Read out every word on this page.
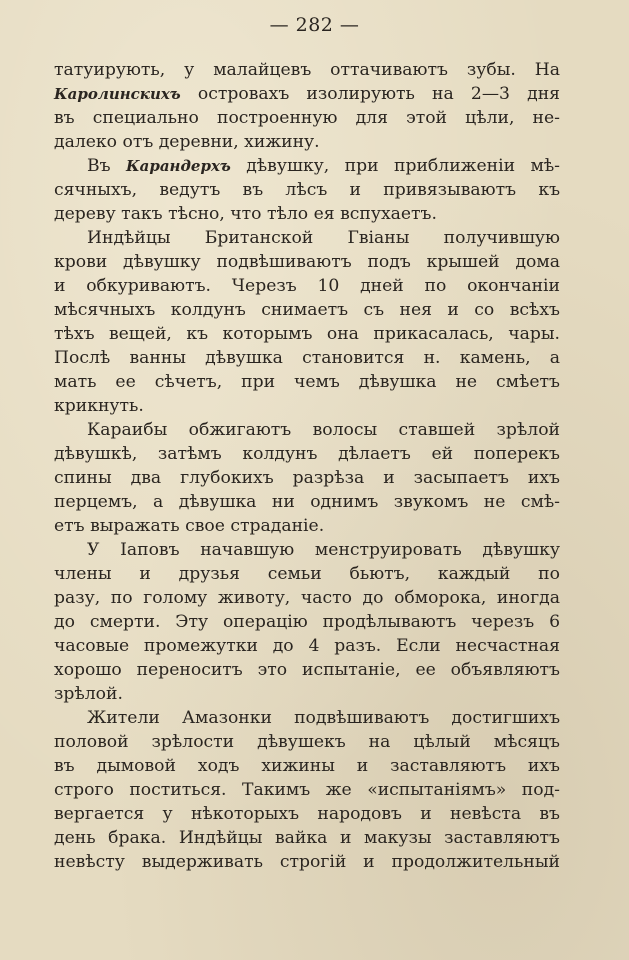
— 282 —
татуирують, у малайцевъ оттачиваютъ зубы. На
Каролинскихъ островахъ изолирують на 2—3 дня
въ специально построенную для этой цѣли, не-
далеко отъ деревни, хижину.
Въ Карандерхъ дѣвушку, при приближенiи мѣ-
сячныхъ, ведутъ въ лѣсъ и привязываютъ къ
дереву такъ тѣсно, что тѣло ея вспухаетъ.
Индѣйцы Британской Гвiаны получившую
крови дѣвушку подвѣшиваютъ подъ крышей дома
и обкуриваютъ. Черезъ 10 дней по окончанiи
мѣсячныхъ колдунъ снимаетъ съ нея и со всѣхъ
тѣхъ вещей, къ которымъ она прикасалась, чары.
Послѣ ванны дѣвушка становится н. камень, а
мать ее сѣчетъ, при чемъ дѣвушка не смѣетъ
крикнуть.
Караибы обжигаютъ волосы ставшей зрѣлой
дѣвушкѣ, затѣмъ колдунъ дѣлаетъ ей поперекъ
спины два глубокихъ разрѣза и засыпаетъ ихъ
перцемъ, а дѣвушка ни однимъ звукомъ не смѣ-
етъ выражать свое страданiе.
У Iаповъ начавшую менструировать дѣвушку
члены и друзья семьи бьютъ, каждый по
разу, по голому животу, часто до обморока, иногда
до смерти. Эту операцiю продѣлываютъ черезъ 6
часовые промежутки до 4 разъ. Если несчастная
хорошо переноситъ это испытанiе, ее объявляютъ
зрѣлой.
Жители Амазонки подвѣшиваютъ достигшихъ
половой зрѣлости дѣвушекъ на цѣлый мѣсяцъ
въ дымовой ходъ хижины и заставляютъ ихъ
строго поститься. Такимъ же «испытанiямъ» под-
вергается у нѣкоторыхъ народовъ и невѣста въ
день брака. Индѣйцы вайка и макузы заставляютъ
невѣсту выдерживать строгiй и продолжительный
